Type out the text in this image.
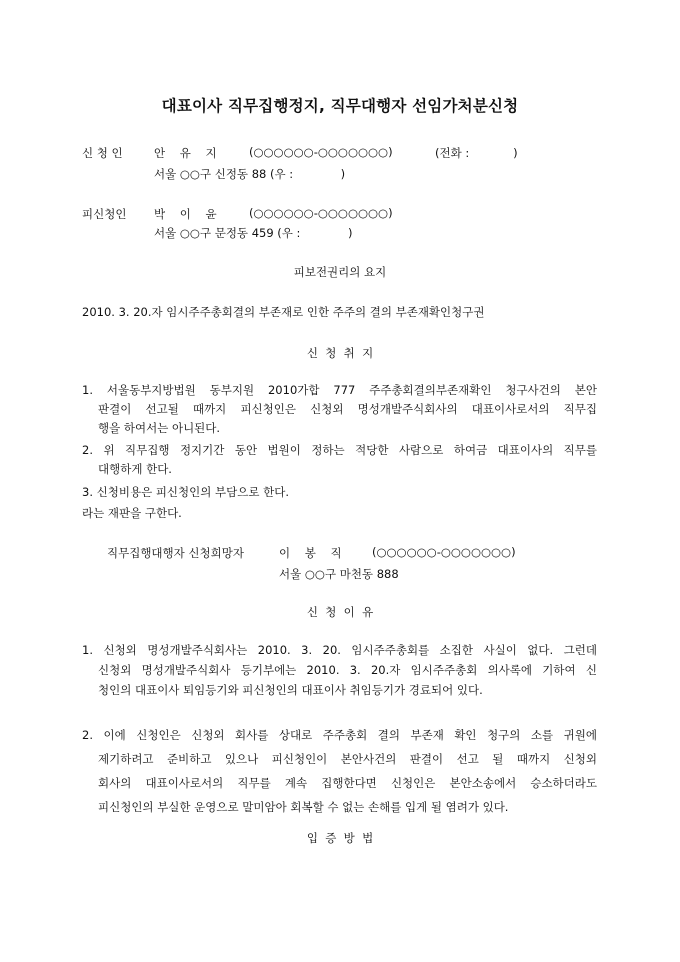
대표이사 직무집행정지, 직무대행자 선임가처분신청
신 청 인	안    유    지	(○○○○○○-○○○○○○○)	(전화 :            )
서울 ○○구 신정동 88 (우 :             )
피신청인 박    이    윤	(○○○○○○-○○○○○○○)
서울 ○○구 문정동 459 (우 :             )
피보전권리의 요지
2010. 3. 20.자 임시주주총회결의 부존재로 인한 주주의 결의 부존재확인청구권
신  청  취  지
1. 서울동부지방법원 동부지원 2010가합 777 주주총회결의부존재확인 청구사건의 본안
판결이 선고될 때까지 피신청인은 신청외 명성개발주식회사의 대표이사로서의 직무집
행을 하여서는 아니된다.
2. 위 직무집행 정지기간 동안 법원이 정하는 적당한 사람으로 하여금 대표이사의 직무를
대행하게 한다.
3. 신청비용은 피신청인의 부담으로 한다.
라는 재판을 구한다.
직무집행대행자 신청희망자	이    봉    직	(○○○○○○-○○○○○○○)
서울 ○○구 마천동 888
신  청  이  유
1. 신청외 명성개발주식회사는 2010. 3. 20. 임시주주총회를 소집한 사실이 없다. 그런데
신청외 명성개발주식회사 등기부에는 2010. 3. 20.자 임시주주총회 의사록에 기하여 신
청인의 대표이사 퇴임등기와 피신청인의 대표이사 취임등기가 경료되어 있다.
2. 이에 신청인은 신청외 회사를 상대로 주주총회 결의 부존재 확인 청구의 소를 귀원에
제기하려고 준비하고 있으나 피신청인이 본안사건의 판결이 선고 될 때까지 신청외
회사의 대표이사로서의 직무를 계속 집행한다면 신청인은 본안소송에서 승소하더라도
피신청인의 부실한 운영으로 말미암아 회복할 수 없는 손해를 입게 될 염려가 있다.
입  증  방  법
